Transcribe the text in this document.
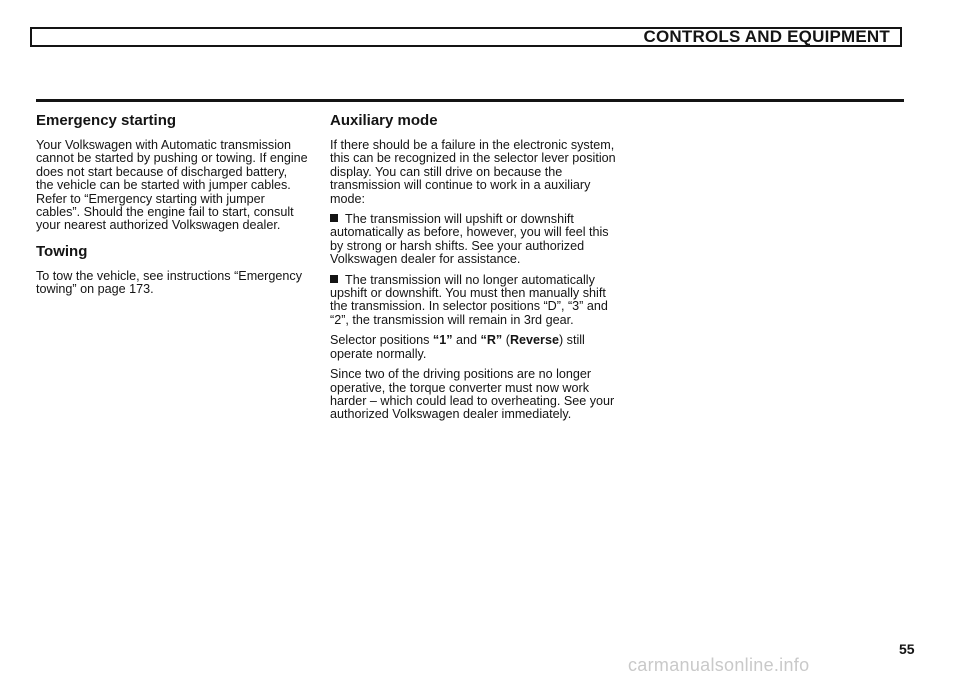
CONTROLS AND EQUIPMENT
Emergency starting

Your Volkswagen with Automatic transmission cannot be started by pushing or towing. If engine does not start because of discharged battery, the vehicle can be started with jumper cables. Refer to “Emergency starting with jumper cables”. Should the engine fail to start, consult your nearest authorized Volkswagen dealer.

Towing

To tow the vehicle, see instructions “Emergency towing” on page 173.

Auxiliary mode

If there should be a failure in the electronic system, this can be recognized in the selector lever position display. You can still drive on because the transmission will continue to work in a auxiliary mode:

The transmission will upshift or downshift automatically as before, however, you will feel this by strong or harsh shifts. See your authorized Volkswagen dealer for assistance.

The transmission will no longer automatically upshift or downshift. You must then manually shift the transmission. In selector positions “D”, “3” and “2”, the transmission will remain in 3rd gear.

Selector positions “1” and “R” (Reverse) still operate normally.

Since two of the driving positions are no longer operative, the torque converter must now work harder – which could lead to overheating. See your authorized Volkswagen dealer immediately.

55
carmanualsonline.info
